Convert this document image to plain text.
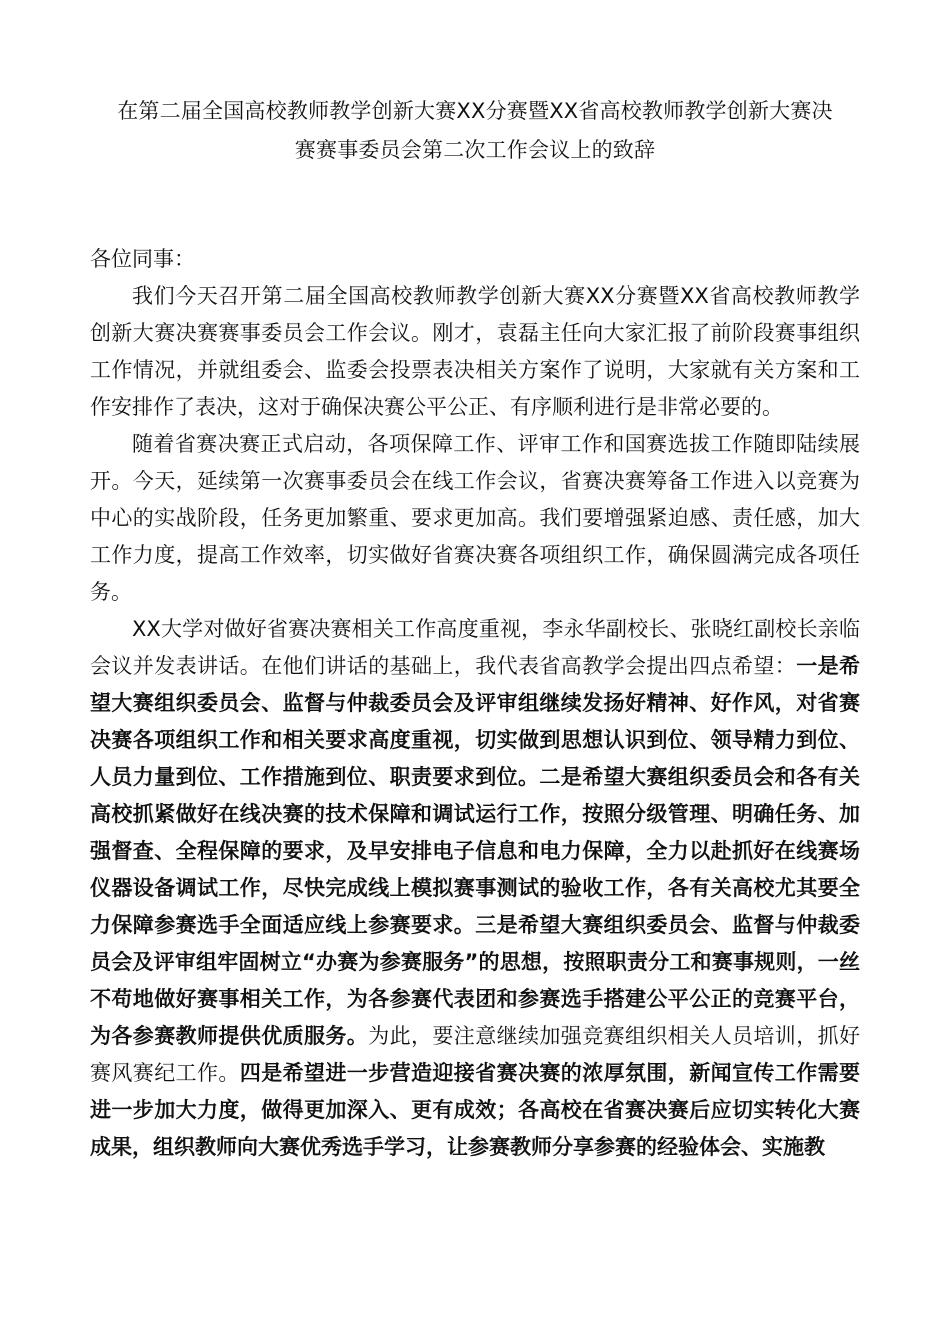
在第二届全国高校教师教学创新大赛XX分赛暨XX省高校教师教学创新大赛决
赛赛事委员会第二次工作会议上的致辞

各位同事：

我们今天召开第二届全国高校教师教学创新大赛XX分赛暨XX省高校教师教学创新大赛决赛赛事委员会工作会议。刚才，袁磊主任向大家汇报了前阶段赛事组织工作情况，并就组委会、监委会投票表决相关方案作了说明，大家就有关方案和工作安排作了表决，这对于确保决赛公平公正、有序顺利进行是非常必要的。

随着省赛决赛正式启动，各项保障工作、评审工作和国赛选拔工作随即陆续展开。今天，延续第一次赛事委员会在线工作会议，省赛决赛筹备工作进入以竞赛为中心的实战阶段，任务更加繁重、要求更加高。我们要增强紧迫感、责任感，加大工作力度，提高工作效率，切实做好省赛决赛各项组织工作，确保圆满完成各项任务。

XX大学对做好省赛决赛相关工作高度重视，李永华副校长、张晓红副校长亲临会议并发表讲话。在他们讲话的基础上，我代表省高教学会提出四点希望：一是希望大赛组织委员会、监督与仲裁委员会及评审组继续发扬好精神、好作风，对省赛决赛各项组织工作和相关要求高度重视，切实做到思想认识到位、领导精力到位、人员力量到位、工作措施到位、职责要求到位。二是希望大赛组织委员会和各有关高校抓紧做好在线决赛的技术保障和调试运行工作，按照分级管理、明确任务、加强督查、全程保障的要求，及早安排电子信息和电力保障，全力以赴抓好在线赛场仪器设备调试工作，尽快完成线上模拟赛事测试的验收工作，各有关高校尤其要全力保障参赛选手全面适应线上参赛要求。三是希望大赛组织委员会、监督与仲裁委员会及评审组牢固树立“办赛为参赛服务”的思想，按照职责分工和赛事规则，一丝不苟地做好赛事相关工作，为各参赛代表团和参赛选手搭建公平公正的竞赛平台，为各参赛教师提供优质服务。为此，要注意继续加强竞赛组织相关人员培训，抓好赛风赛纪工作。四是希望进一步营造迎接省赛决赛的浓厚氛围，新闻宣传工作需要进一步加大力度，做得更加深入、更有成效；各高校在省赛决赛后应切实转化大赛成果，组织教师向大赛优秀选手学习，让参赛教师分享参赛的经验体会、实施教
